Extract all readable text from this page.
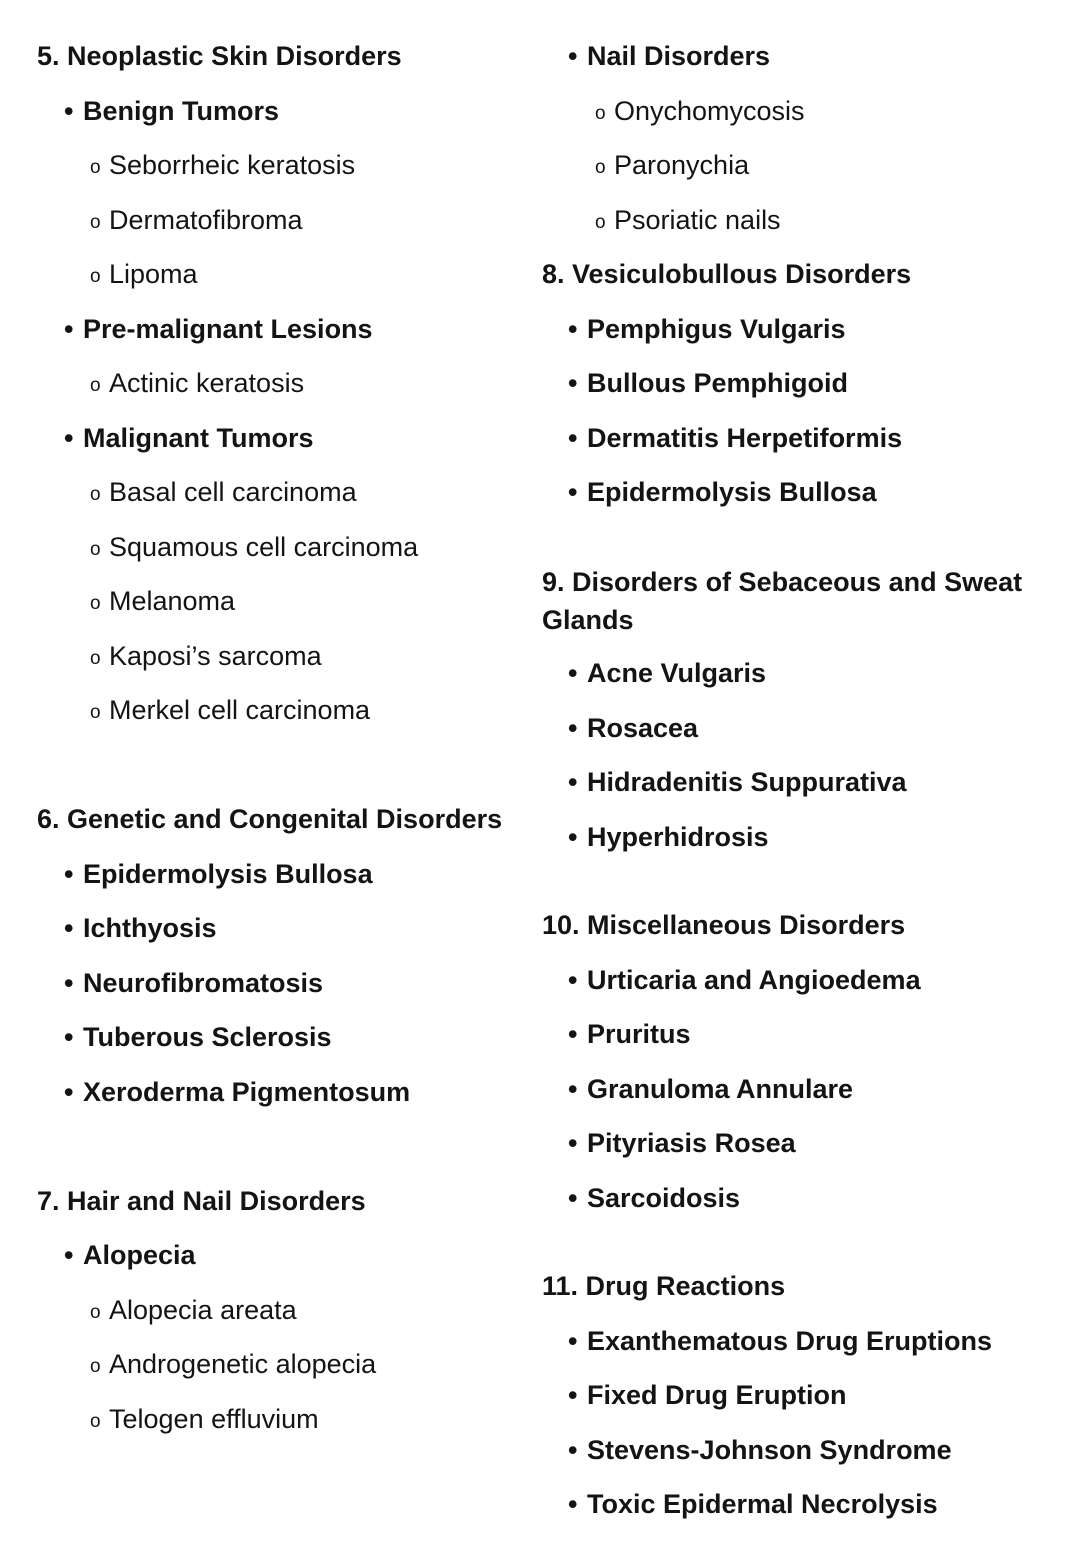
5. Neoplastic Skin Disorders
• Benign Tumors
o Seborrheic keratosis
o Dermatofibroma
o Lipoma
• Pre-malignant Lesions
o Actinic keratosis
• Malignant Tumors
o Basal cell carcinoma
o Squamous cell carcinoma
o Melanoma
o Kaposi’s sarcoma
o Merkel cell carcinoma
6. Genetic and Congenital Disorders
• Epidermolysis Bullosa
• Ichthyosis
• Neurofibromatosis
• Tuberous Sclerosis
• Xeroderma Pigmentosum
7. Hair and Nail Disorders
• Alopecia
o Alopecia areata
o Androgenetic alopecia
o Telogen effluvium
• Nail Disorders
o Onychomycosis
o Paronychia
o Psoriatic nails
8. Vesiculobullous Disorders
• Pemphigus Vulgaris
• Bullous Pemphigoid
• Dermatitis Herpetiformis
• Epidermolysis Bullosa
9. Disorders of Sebaceous and Sweat Glands
• Acne Vulgaris
• Rosacea
• Hidradenitis Suppurativa
• Hyperhidrosis
10. Miscellaneous Disorders
• Urticaria and Angioedema
• Pruritus
• Granuloma Annulare
• Pityriasis Rosea
• Sarcoidosis
11. Drug Reactions
• Exanthematous Drug Eruptions
• Fixed Drug Eruption
• Stevens-Johnson Syndrome
• Toxic Epidermal Necrolysis
